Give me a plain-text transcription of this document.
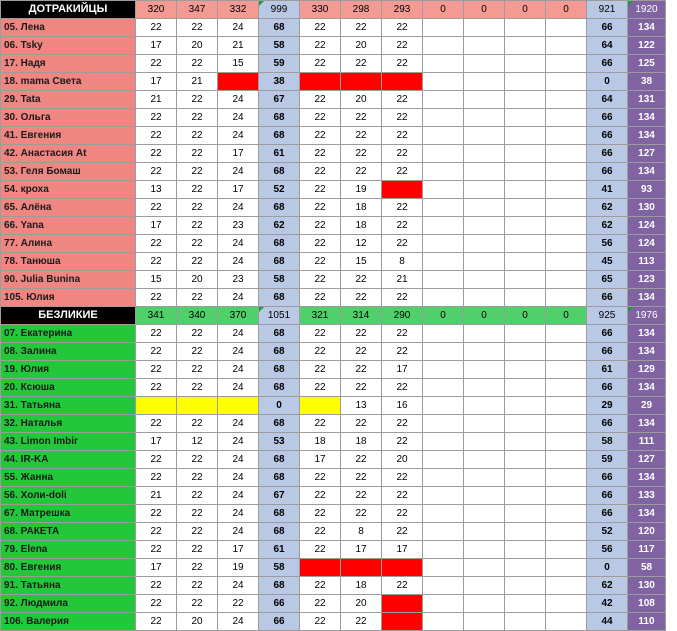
ДОТРАКИЙЦЫ	320	347	332	999	330	298	293	0	0	0	0	921	1920
05. Лена	22	22	24	68	22	22	22					66	134
06. Tsky	17	20	21	58	22	20	22					64	122
17. Надя	22	22	15	59	22	22	22					66	125
18. mama Света	17	21		38								0	38
29. Tata	21	22	24	67	22	20	22					64	131
30. Ольга	22	22	24	68	22	22	22					66	134
41. Евгения	22	22	24	68	22	22	22					66	134
42. Анастасия At	22	22	17	61	22	22	22					66	127
53. Геля Бомаш	22	22	24	68	22	22	22					66	134
54. кроха	13	22	17	52	22	19						41	93
65. Алёна	22	22	24	68	22	18	22					62	130
66. Yana	17	22	23	62	22	18	22					62	124
77. Алина	22	22	24	68	22	12	22					56	124
78. Танюша	22	22	24	68	22	15	8					45	113
90. Julia Bunina	15	20	23	58	22	22	21					65	123
105. Юлия	22	22	24	68	22	22	22					66	134
БЕЗЛИКИЕ	341	340	370	1051	321	314	290	0	0	0	0	925	1976
07. Екатерина	22	22	24	68	22	22	22					66	134
08. Залина	22	22	24	68	22	22	22					66	134
19. Юлия	22	22	24	68	22	22	17					61	129
20. Ксюша	22	22	24	68	22	22	22					66	134
31. Татьяна				0		13	16					29	29
32. Наталья	22	22	24	68	22	22	22					66	134
43. Limon Imbir	17	12	24	53	18	18	22					58	111
44. IR-KA	22	22	24	68	17	22	20					59	127
55. Жанна	22	22	24	68	22	22	22					66	134
56. Холи-doli	21	22	24	67	22	22	22					66	133
67. Матрешка	22	22	24	68	22	22	22					66	134
68. РАКЕТА	22	22	24	68	22	8	22					52	120
79. Elena	22	22	17	61	22	17	17					56	117
80. Евгения	17	22	19	58								0	58
91. Татьяна	22	22	24	68	22	18	22					62	130
92. Людмила	22	22	22	66	22	20						42	108
106. Валерия	22	20	24	66	22	22						44	110
